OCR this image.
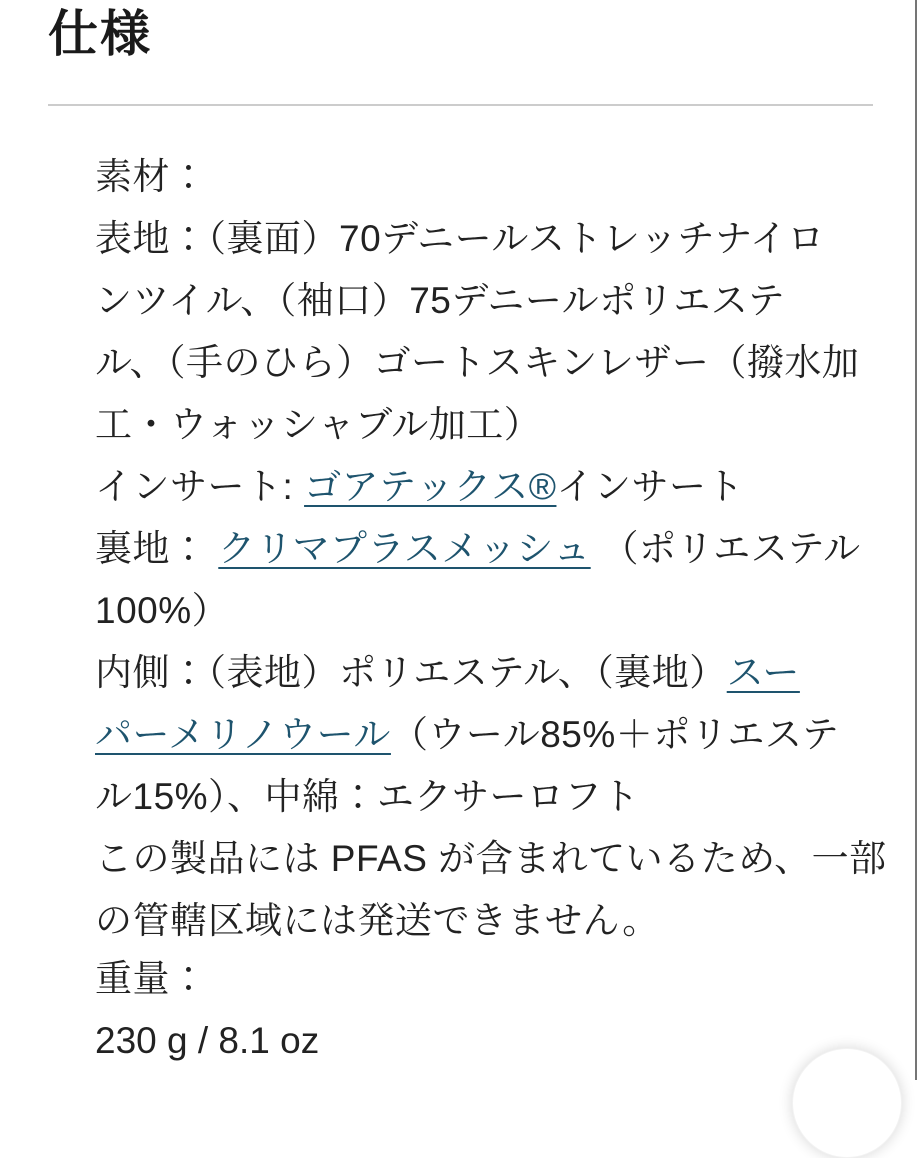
仕様
素材：
表地：（裏面）70デニールストレッチナイロ
ンツイル、（袖口）75デニールポリエステ
ル、（手のひら）ゴートスキンレザー（撥水加
工・ウォッシャブル加工）
インサート: ゴアテックス®インサート
裏地： クリマプラスメッシュ （ポリエステル
100%）
内側：（表地）ポリエステル、（裏地）スー
パーメリノウール（ウール85%＋ポリエステ
ル15%）、中綿：エクサーロフト
この製品には PFAS が含まれているため、一部
の管轄区域には発送できません。
重量：
230 g / 8.1 oz
